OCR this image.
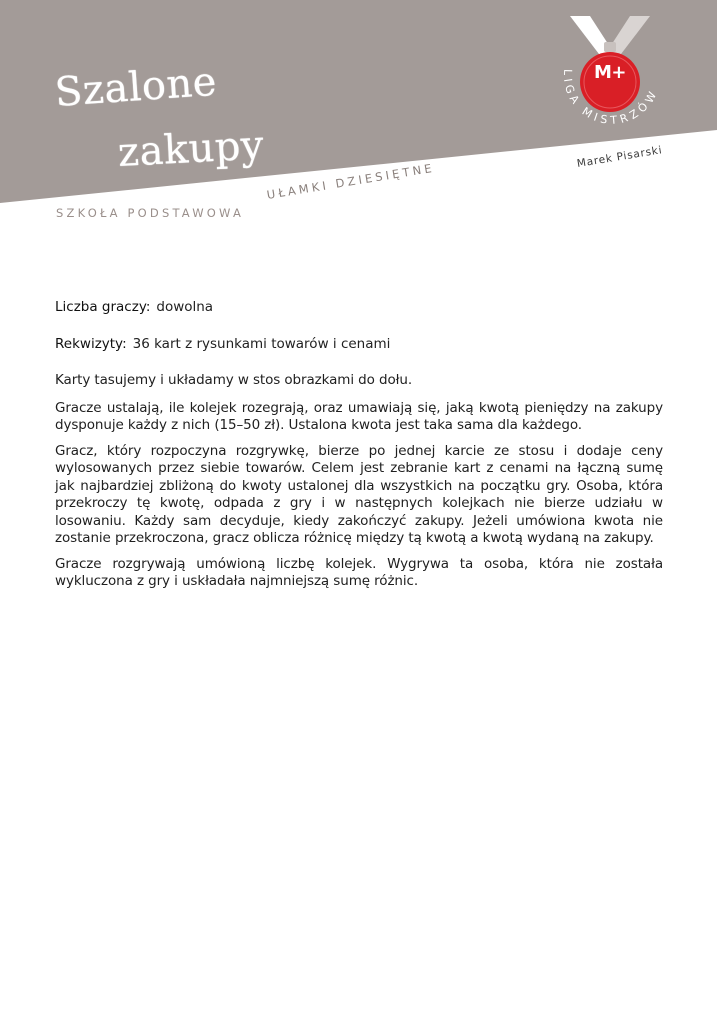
Szalone
zakupy
SZKOŁA PODSTAWOWA
UŁAMKI DZIESIĘTNE
Marek Pisarski
M+
LIGA MISTRZÓW
Liczba graczy: dowolna
Rekwizyty: 36 kart z rysunkami towarów i cenami

Karty tasujemy i układamy w stos obrazkami do dołu.

Gracze ustalają, ile kolejek rozegrają, oraz umawiają się, jaką kwotą pieniędzy na zakupy dysponuje każdy z nich (15–50 zł). Ustalona kwota jest taka sama dla każdego.

Gracz, który rozpoczyna rozgrywkę, bierze po jednej karcie ze stosu i dodaje ceny wylosowanych przez siebie towarów. Celem jest zebranie kart z cenami na łączną sumę jak najbardziej zbliżoną do kwoty ustalonej dla wszystkich na początku gry. Osoba, która przekroczy tę kwotę, odpada z gry i w następnych kolejkach nie bierze udziału w losowaniu. Każdy sam decyduje, kiedy zakończyć zakupy. Jeżeli umówiona kwota nie zostanie przekroczona, gracz oblicza różnicę między tą kwotą a kwotą wydaną na zakupy.

Gracze rozgrywają umówioną liczbę kolejek. Wygrywa ta osoba, która nie została wykluczona z gry i uskładała najmniejszą sumę różnic.
